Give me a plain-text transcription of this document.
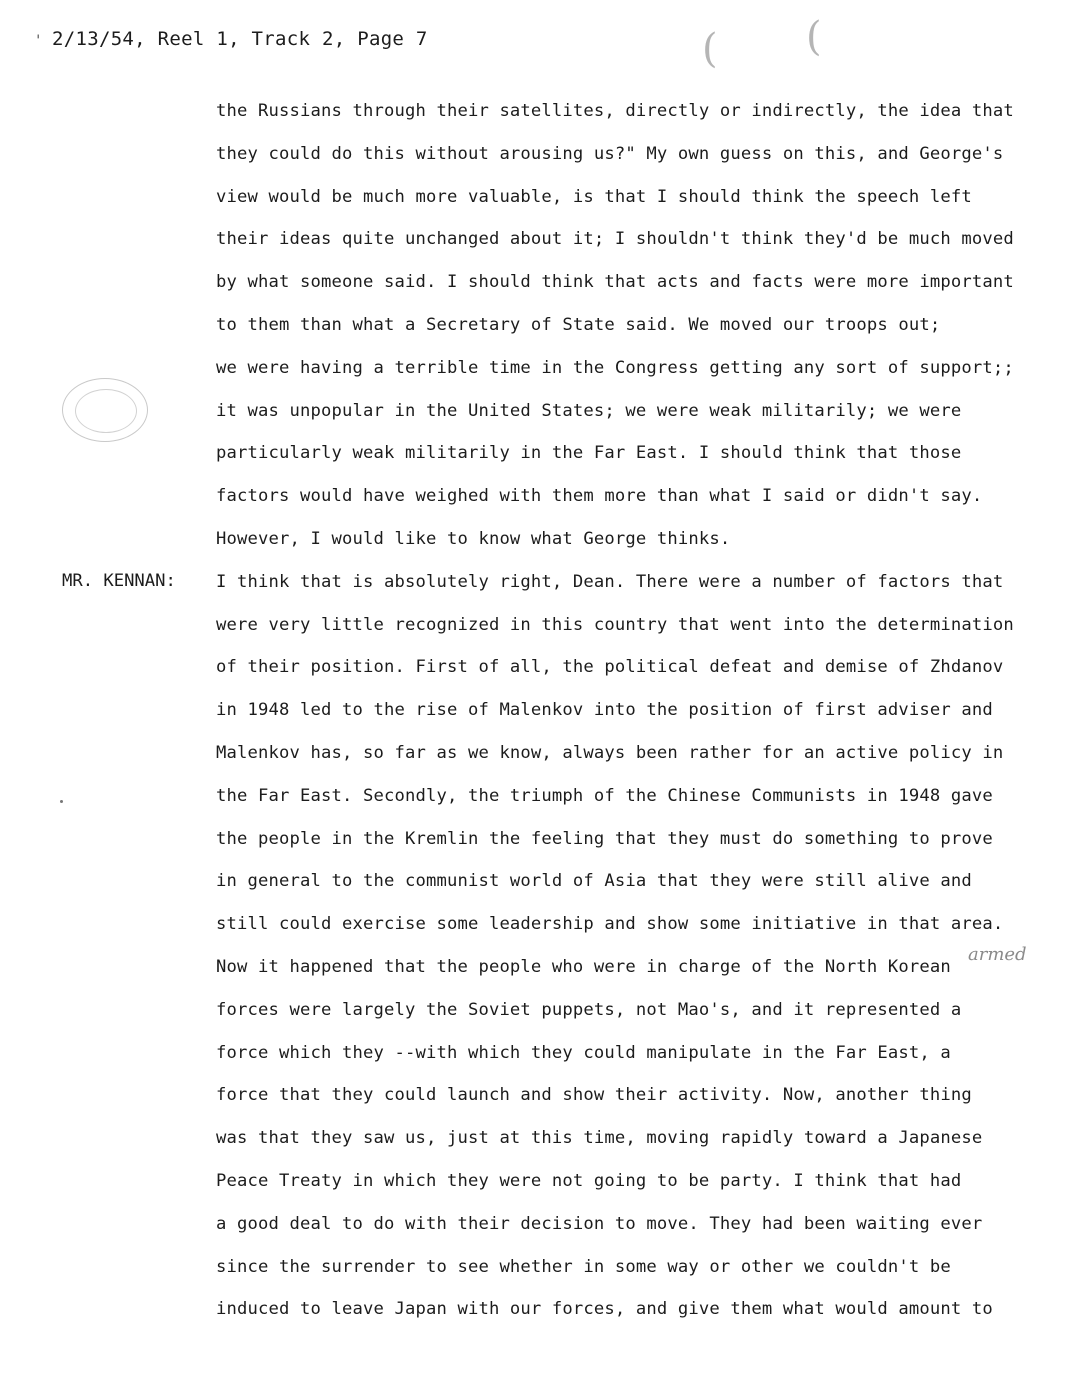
' 2/13/54, Reel 1, Track 2, Page 7	( (
MR. KENNAN:
the Russians through their satellites, directly or indirectly, the idea that
they could do this without arousing us?" My own guess on this, and George's
view would be much more valuable, is that I should think the speech left
their ideas quite unchanged about it; I shouldn't think they'd be much moved
by what someone said. I should think that acts and facts were more important
to them than what a Secretary of State said. We moved our troops out;
we were having a terrible time in the Congress getting any sort of support;;
it was unpopular in the United States; we were weak militarily; we were
particularly weak militarily in the Far East. I should think that those
factors would have weighed with them more than what I said or didn't say.
However, I would like to know what George thinks.
I think that is absolutely right, Dean. There were a number of factors that
were very little recognized in this country that went into the determination
of their position. First of all, the political defeat and demise of Zhdanov
in 1948 led to the rise of Malenkov into the position of first adviser and
Malenkov has, so far as we know, always been rather for an active policy in
the Far East. Secondly, the triumph of the Chinese Communists in 1948 gave
the people in the Kremlin the feeling that they must do something to prove
in general to the communist world of Asia that they were still alive and
still could exercise some leadership and show some initiative in that area.
Now it happened that the people who were in charge of the North Korean
forces were largely the Soviet puppets, not Mao's, and it represented a
force which they --with which they could manipulate in the Far East, a
force that they could launch and show their activity. Now, another thing
was that they saw us, just at this time, moving rapidly toward a Japanese
Peace Treaty in which they were not going to be party. I think that had
a good deal to do with their decision to move. They had been waiting ever
since the surrender to see whether in some way or other we couldn't be
induced to leave Japan with our forces, and give them what would amount to
armed
